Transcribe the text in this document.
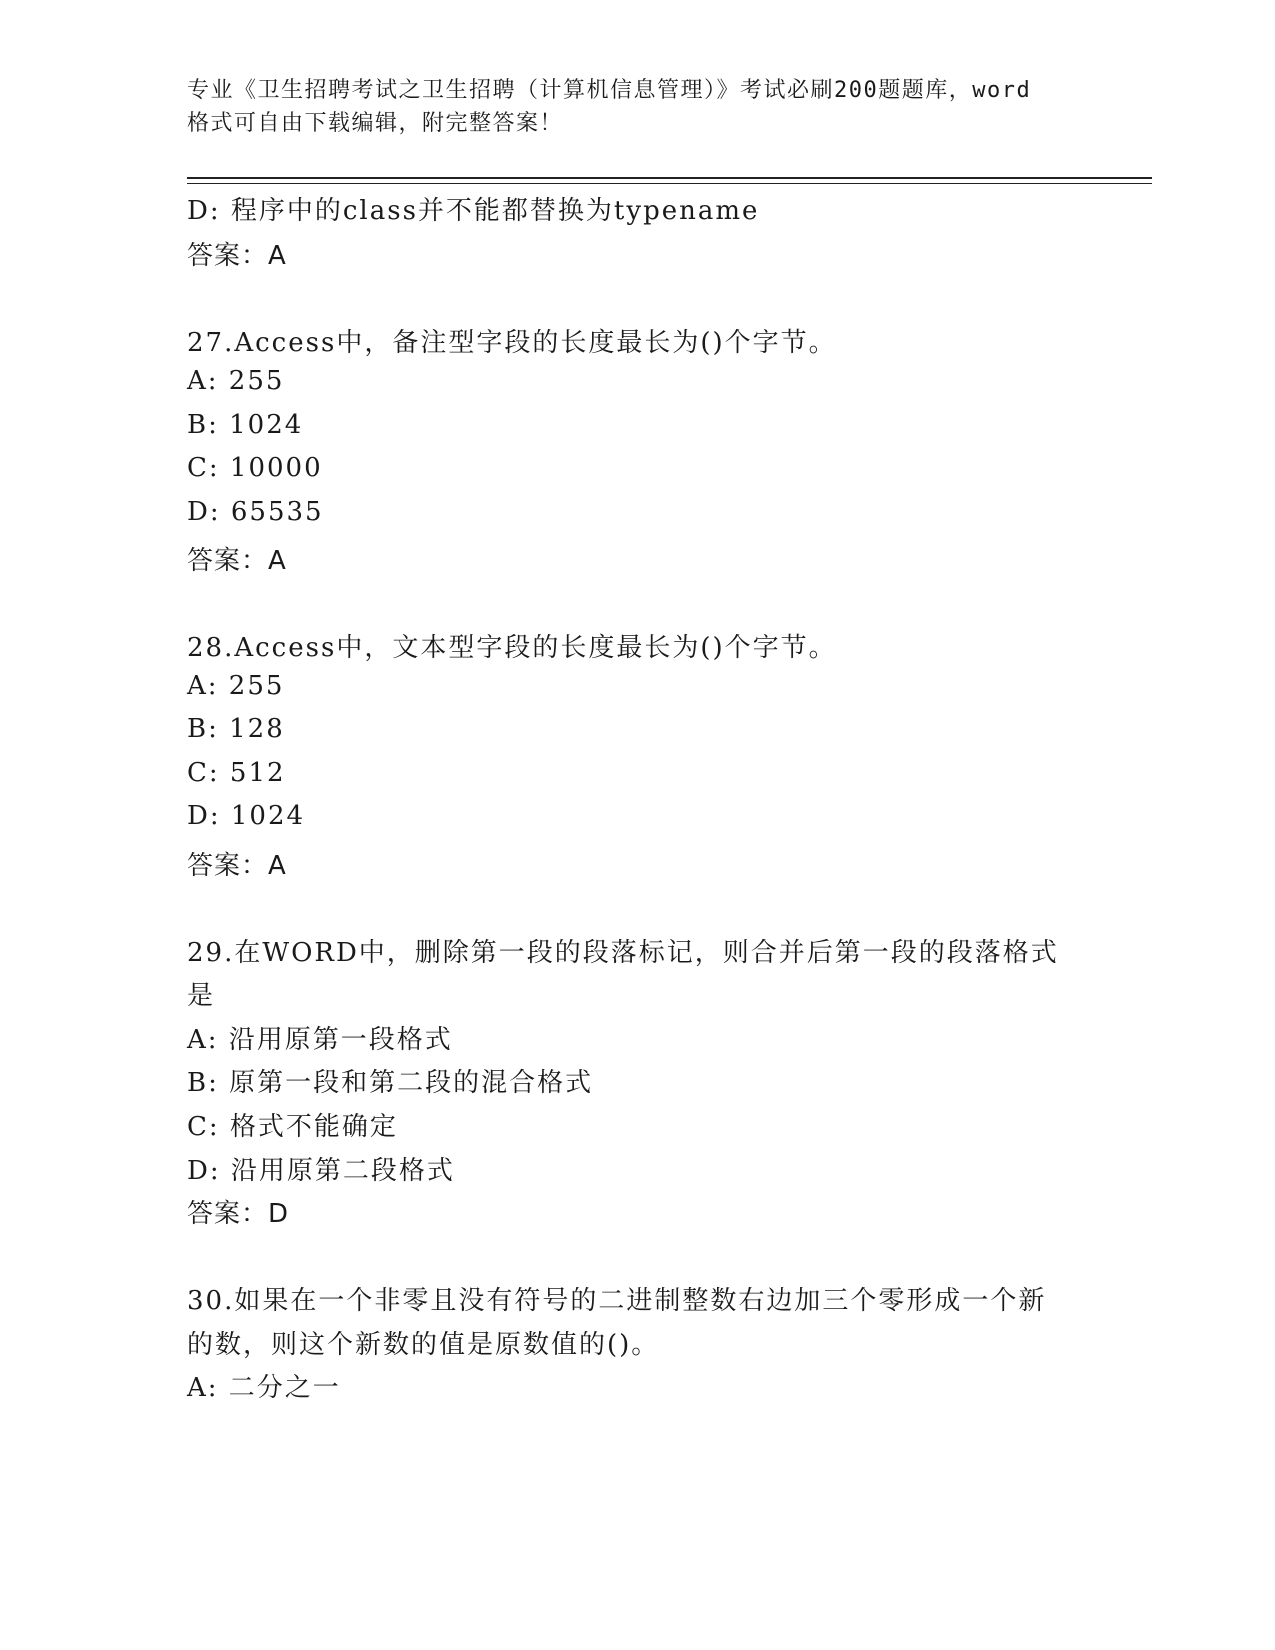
专业《卫生招聘考试之卫生招聘（计算机信息管理）》考试必刷200题题库，word
格式可自由下载编辑，附完整答案！
D: 程序中的class并不能都替换为typename
答案：A
27.Access中，备注型字段的长度最长为()个字节。
A: 255
B: 1024
C: 10000
D: 65535
答案：A
28.Access中，文本型字段的长度最长为()个字节。
A: 255
B: 128
C: 512
D: 1024
答案：A
29.在WORD中，删除第一段的段落标记，则合并后第一段的段落格式
是
A: 沿用原第一段格式
B: 原第一段和第二段的混合格式
C: 格式不能确定
D: 沿用原第二段格式
答案：D
30.如果在一个非零且没有符号的二进制整数右边加三个零形成一个新
的数，则这个新数的值是原数值的()。
A: 二分之一
